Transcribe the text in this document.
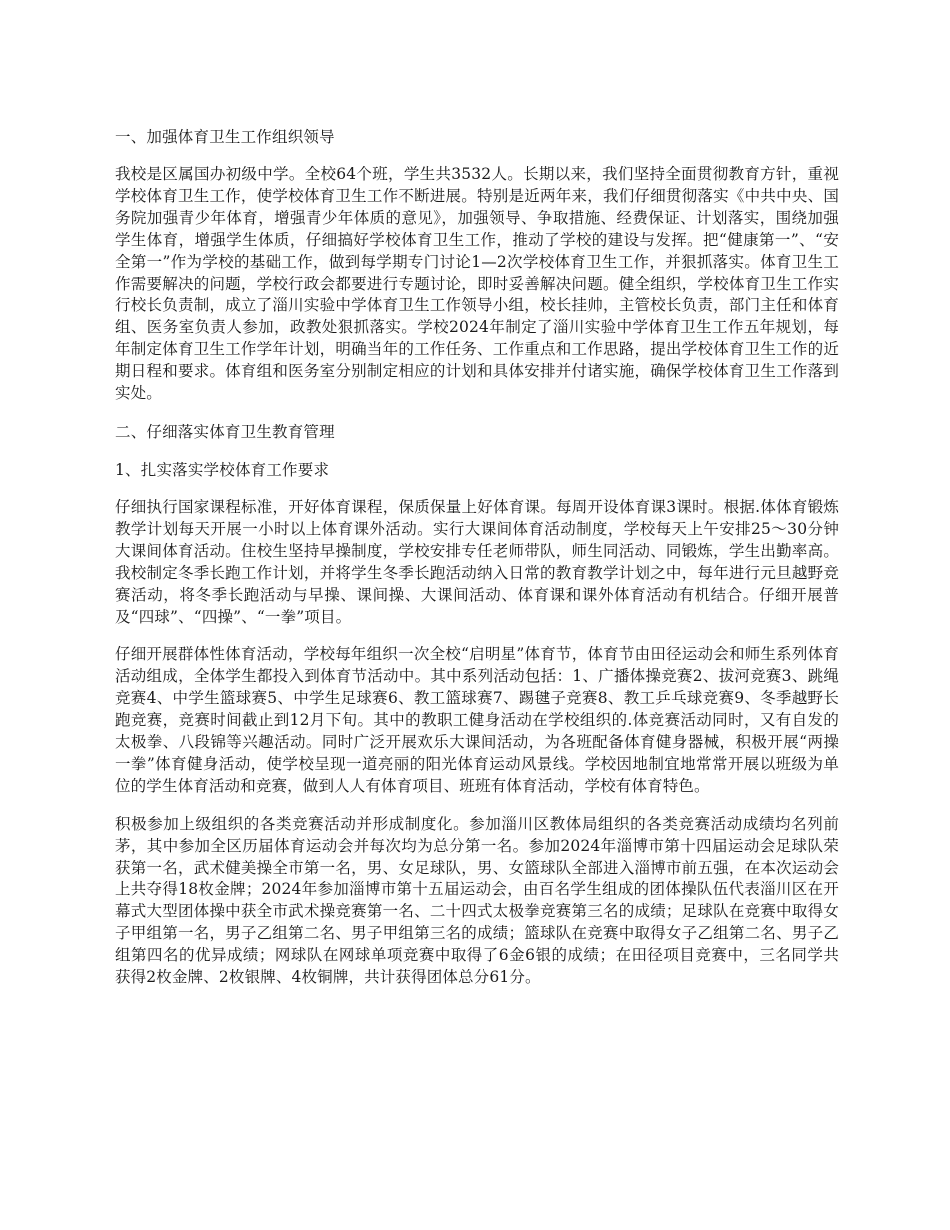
一、加强体育卫生工作组织领导

我校是区属国办初级中学。全校64个班，学生共3532人。长期以来，我们坚持全面贯彻教育方针，重视学校体育卫生工作，使学校体育卫生工作不断进展。特别是近两年来，我们仔细贯彻落实《中共中央、国务院加强青少年体育，增强青少年体质的意见》，加强领导、争取措施、经费保证、计划落实，围绕加强学生体育，增强学生体质，仔细搞好学校体育卫生工作，推动了学校的建设与发挥。把“健康第一”、“安全第一”作为学校的基础工作，做到每学期专门讨论1—2次学校体育卫生工作，并狠抓落实。体育卫生工作需要解决的问题，学校行政会都要进行专题讨论，即时妥善解决问题。健全组织，学校体育卫生工作实行校长负责制，成立了淄川实验中学体育卫生工作领导小组，校长挂帅，主管校长负责，部门主任和体育组、医务室负责人参加，政教处狠抓落实。学校2024年制定了淄川实验中学体育卫生工作五年规划，每年制定体育卫生工作学年计划，明确当年的工作任务、工作重点和工作思路，提出学校体育卫生工作的近期日程和要求。体育组和医务室分别制定相应的计划和具体安排并付诸实施，确保学校体育卫生工作落到实处。

二、仔细落实体育卫生教育管理

1、扎实落实学校体育工作要求

仔细执行国家课程标准，开好体育课程，保质保量上好体育课。每周开设体育课3课时。根据.体体育锻炼教学计划每天开展一小时以上体育课外活动。实行大课间体育活动制度，学校每天上午安排25～30分钟大课间体育活动。住校生坚持早操制度，学校安排专任老师带队，师生同活动、同锻炼，学生出勤率高。我校制定冬季长跑工作计划，并将学生冬季长跑活动纳入日常的教育教学计划之中，每年进行元旦越野竞赛活动，将冬季长跑活动与早操、课间操、大课间活动、体育课和课外体育活动有机结合。仔细开展普及“四球”、“四操”、“一拳”项目。

仔细开展群体性体育活动，学校每年组织一次全校“启明星”体育节，体育节由田径运动会和师生系列体育活动组成，全体学生都投入到体育节活动中。其中系列活动包括：1、广播体操竞赛2、拔河竞赛3、跳绳竞赛4、中学生篮球赛5、中学生足球赛6、教工篮球赛7、踢毽子竞赛8、教工乒乓球竞赛9、冬季越野长跑竞赛，竞赛时间截止到12月下旬。其中的教职工健身活动在学校组织的.体竞赛活动同时，又有自发的太极拳、八段锦等兴趣活动。同时广泛开展欢乐大课间活动，为各班配备体育健身器械，积极开展“两操一拳”体育健身活动，使学校呈现一道亮丽的阳光体育运动风景线。学校因地制宜地常常开展以班级为单位的学生体育活动和竞赛，做到人人有体育项目、班班有体育活动，学校有体育特色。

积极参加上级组织的各类竞赛活动并形成制度化。参加淄川区教体局组织的各类竞赛活动成绩均名列前茅，其中参加全区历届体育运动会并每次均为总分第一名。参加2024年淄博市第十四届运动会足球队荣获第一名，武术健美操全市第一名，男、女足球队，男、女篮球队全部进入淄博市前五强，在本次运动会上共夺得18枚金牌；2024年参加淄博市第十五届运动会，由百名学生组成的团体操队伍代表淄川区在开幕式大型团体操中获全市武术操竞赛第一名、二十四式太极拳竞赛第三名的成绩；足球队在竞赛中取得女子甲组第一名，男子乙组第二名、男子甲组第三名的成绩；篮球队在竞赛中取得女子乙组第二名、男子乙组第四名的优异成绩；网球队在网球单项竞赛中取得了6金6银的成绩；在田径项目竞赛中，三名同学共获得2枚金牌、2枚银牌、4枚铜牌，共计获得团体总分61分。
